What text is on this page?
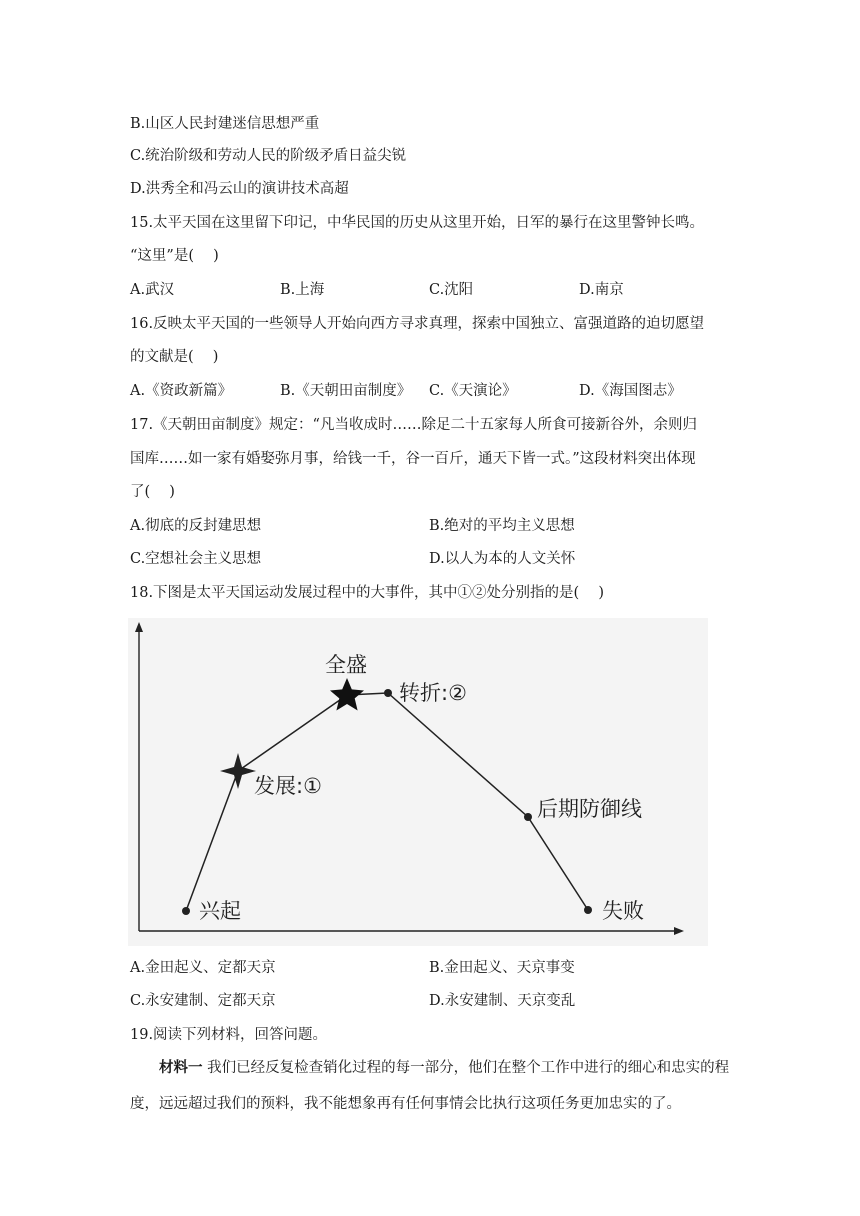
B.山区人民封建迷信思想严重
C.统治阶级和劳动人民的阶级矛盾日益尖锐
D.洪秀全和冯云山的演讲技术高超
15.太平天国在这里留下印记，中华民国的历史从这里开始，日军的暴行在这里警钟长鸣。
“这里”是(　 )
A.武汉	B.上海	C.沈阳	D.南京
16.反映太平天国的一些领导人开始向西方寻求真理，探索中国独立、富强道路的迫切愿望
的文献是(　 )
A.《资政新篇》	B.《天朝田亩制度》 C.《天演论》	D.《海国图志》
17.《天朝田亩制度》规定：“凡当收成时……除足二十五家每人所食可接新谷外，余则归
国库……如一家有婚娶弥月事，给钱一千，谷一百斤，通天下皆一式。”这段材料突出体现
了(　 )
A.彻底的反封建思想	B.绝对的平均主义思想
C.空想社会主义思想	D.以人为本的人文关怀
18.下图是太平天国运动发展过程中的大事件，其中①②处分别指的是(　 )
兴起
发展:①
全盛
转折:②
后期防御线
失败
A.金田起义、定都天京	B.金田起义、天京事变
C.永安建制、定都天京	D.永安建制、天京变乱
19.阅读下列材料，回答问题。

材料一 我们已经反复检查销化过程的每一部分，他们在整个工作中进行的细心和忠实的程度，远远超过我们的预料，我不能想象再有任何事情会比执行这项任务更加忠实的了。
